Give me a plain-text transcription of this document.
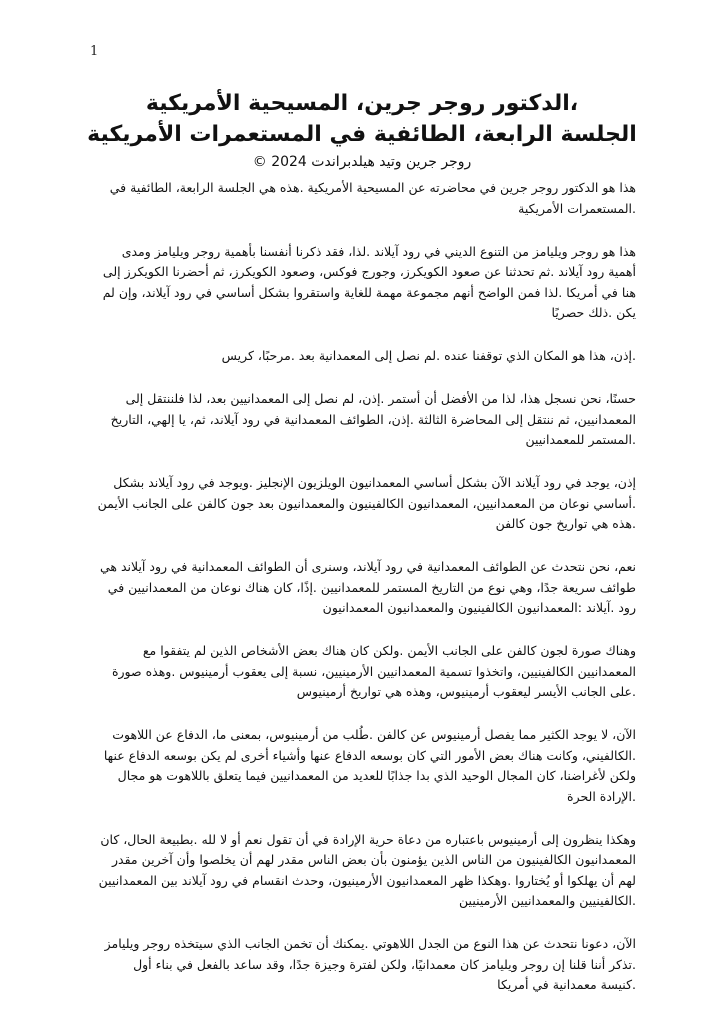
1
،الدكتور روجر جرين، المسيحية الأمريكية
الجلسة الرابعة، الطائفية في المستعمرات الأمريكية

روجر جرين وتيد هيلدبراندت 2024 ©

هذا هو الدكتور روجر جرين في محاضرته عن المسيحية الأمريكية .هذه هي الجلسة الرابعة، الطائفية في .المستعمرات الأمريكية

هذا هو روجر ويليامز من التنوع الديني في رود آيلاند .لذا، فقد ذكرنا أنفسنا بأهمية روجر ويليامز ومدى أهمية رود آيلاند .ثم تحدثنا عن صعود الكويكرز، وجورج فوكس، وصعود الكويكرز، ثم أحضرنا الكويكرز إلى هنا في أمريكا .لذا فمن الواضح أنهم مجموعة مهمة للغاية واستقروا بشكل أساسي في رود آيلاند، وإن لم يكن .ذلك حصريًا

.إذن، هذا هو المكان الذي توقفنا عنده .لم نصل إلى المعمدانية بعد .مرحبًا، كريس

حسنًا، نحن نسجل هذا، لذا من الأفضل أن أستمر .إذن، لم نصل إلى المعمدانيين بعد، لذا فلننتقل إلى المعمدانيين، ثم ننتقل إلى المحاضرة الثالثة .إذن، الطوائف المعمدانية في رود آيلاند، ثم، يا إلهي، التاريخ .المستمر للمعمدانيين

إذن، يوجد في رود آيلاند الآن بشكل أساسي المعمدانيون الويلزيون الإنجليز .ويوجد في رود آيلاند بشكل .أساسي نوعان من المعمدانيين، المعمدانيون الكالفينيون والمعمدانيون بعد جون كالفن على الجانب الأيمن .هذه هي تواريخ جون كالفن

نعم، نحن نتحدث عن الطوائف المعمدانية في رود آيلاند، وسنرى أن الطوائف المعمدانية في رود آيلاند هي طوائف سريعة جدًا، وهي نوع من التاريخ المستمر للمعمدانيين .إذًا، كان هناك نوعان من المعمدانيين في رود .آيلاند :المعمدانيون الكالفينيون والمعمدانيون المعمدانيون

وهناك صورة لجون كالفن على الجانب الأيمن .ولكن كان هناك بعض الأشخاص الذين لم يتفقوا مع المعمدانيين الكالفينيين، واتخذوا تسمية المعمدانيين الأرمينيين، نسبة إلى يعقوب أرمينيوس .وهذه صورة .على الجانب الأيسر ليعقوب أرمينيوس، وهذه هي تواريخ أرمينيوس

الآن، لا يوجد الكثير مما يفصل أرمينيوس عن كالفن .طُلب من أرمينيوس، بمعنى ما، الدفاع عن اللاهوت .الكالفيني، وكانت هناك بعض الأمور التي كان بوسعه الدفاع عنها وأشياء أخرى لم يكن بوسعه الدفاع عنها ولكن لأغراضنا، كان المجال الوحيد الذي بدا جذابًا للعديد من المعمدانيين فيما يتعلق باللاهوت هو مجال .الإرادة الحرة

وهكذا ينظرون إلى أرمينيوس باعتباره من دعاة حرية الإرادة في أن تقول نعم أو لا لله .بطبيعة الحال، كان المعمدانيون الكالفينيون من الناس الذين يؤمنون بأن بعض الناس مقدر لهم أن يخلصوا وأن آخرين مقدر لهم أن يهلكوا أو يُختاروا .وهكذا ظهر المعمدانيون الأرمينيون، وحدث انقسام في رود آيلاند بين المعمدانيين .الكالفينيين والمعمدانيين الأرمينيين

الآن، دعونا نتحدث عن هذا النوع من الجدل اللاهوتي .يمكنك أن تخمن الجانب الذي سيتخذه روجر ويليامز .تذكر أننا قلنا إن روجر ويليامز كان معمدانيًا، ولكن لفترة وجيزة جدًا، وقد ساعد بالفعل في بناء أول .كنيسة معمدانية في أمريكا
